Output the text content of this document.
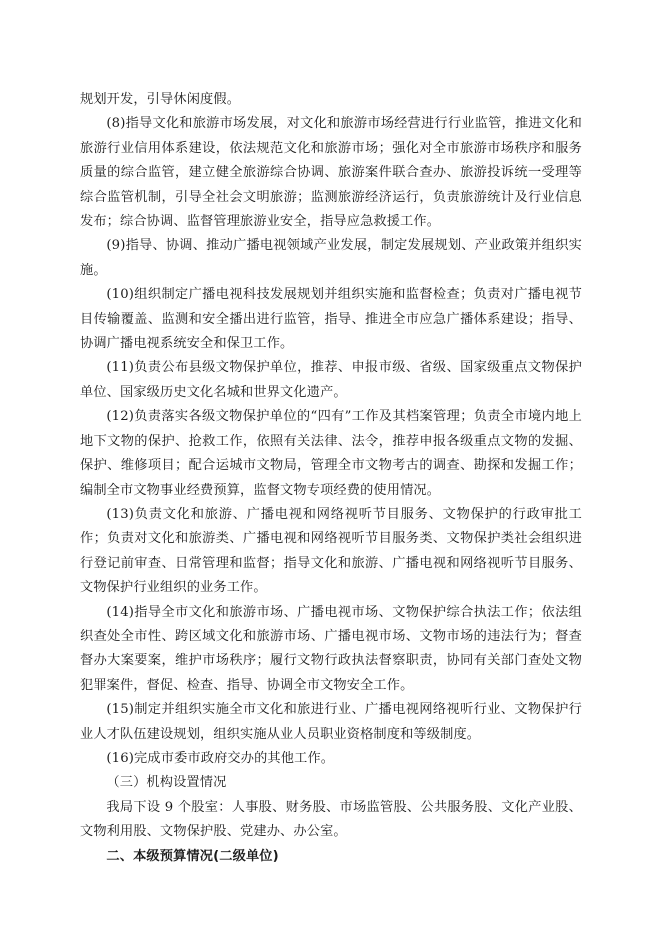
规划开发，引导休闲度假。

(8)指导文化和旅游市场发展，对文化和旅游市场经营进行行业监管，推进文化和旅游行业信用体系建设，依法规范文化和旅游市场；强化对全市旅游市场秩序和服务质量的综合监管，建立健全旅游综合协调、旅游案件联合查办、旅游投诉统一受理等综合监管机制，引导全社会文明旅游；监测旅游经济运行，负责旅游统计及行业信息发布；综合协调、监督管理旅游业安全，指导应急救援工作。

(9)指导、协调、推动广播电视领域产业发展，制定发展规划、产业政策并组织实施。

(10)组织制定广播电视科技发展规划并组织实施和监督检查；负责对广播电视节目传输覆盖、监测和安全播出进行监管，指导、推进全市应急广播体系建设；指导、协调广播电视系统安全和保卫工作。

(11)负责公布县级文物保护单位，推荐、申报市级、省级、国家级重点文物保护单位、国家级历史文化名城和世界文化遗产。

(12)负责落实各级文物保护单位的“四有”工作及其档案管理；负责全市境内地上地下文物的保护、抢救工作，依照有关法律、法令，推荐申报各级重点文物的发掘、保护、维修项目；配合运城市文物局，管理全市文物考古的调查、勘探和发掘工作；编制全市文物事业经费预算，监督文物专项经费的使用情况。

(13)负责文化和旅游、广播电视和网络视听节目服务、文物保护的行政审批工作；负责对文化和旅游类、广播电视和网络视听节目服务类、文物保护类社会组织进行登记前审查、日常管理和监督；指导文化和旅游、广播电视和网络视听节目服务、文物保护行业组织的业务工作。

(14)指导全市文化和旅游市场、广播电视市场、文物保护综合执法工作；依法组织查处全市性、跨区域文化和旅游市场、广播电视市场、文物市场的违法行为；督查督办大案要案，维护市场秩序；履行文物行政执法督察职责，协同有关部门查处文物犯罪案件，督促、检查、指导、协调全市文物安全工作。

(15)制定并组织实施全市文化和旅进行业、广播电视网络视听行业、文物保护行业人才队伍建设规划，组织实施从业人员职业资格制度和等级制度。

(16)完成市委市政府交办的其他工作。

（三）机构设置情况

我局下设 9 个股室：人事股、财务股、市场监管股、公共服务股、文化产业股、文物利用股、文物保护股、党建办、办公室。

二、本级预算情况(二级单位)
